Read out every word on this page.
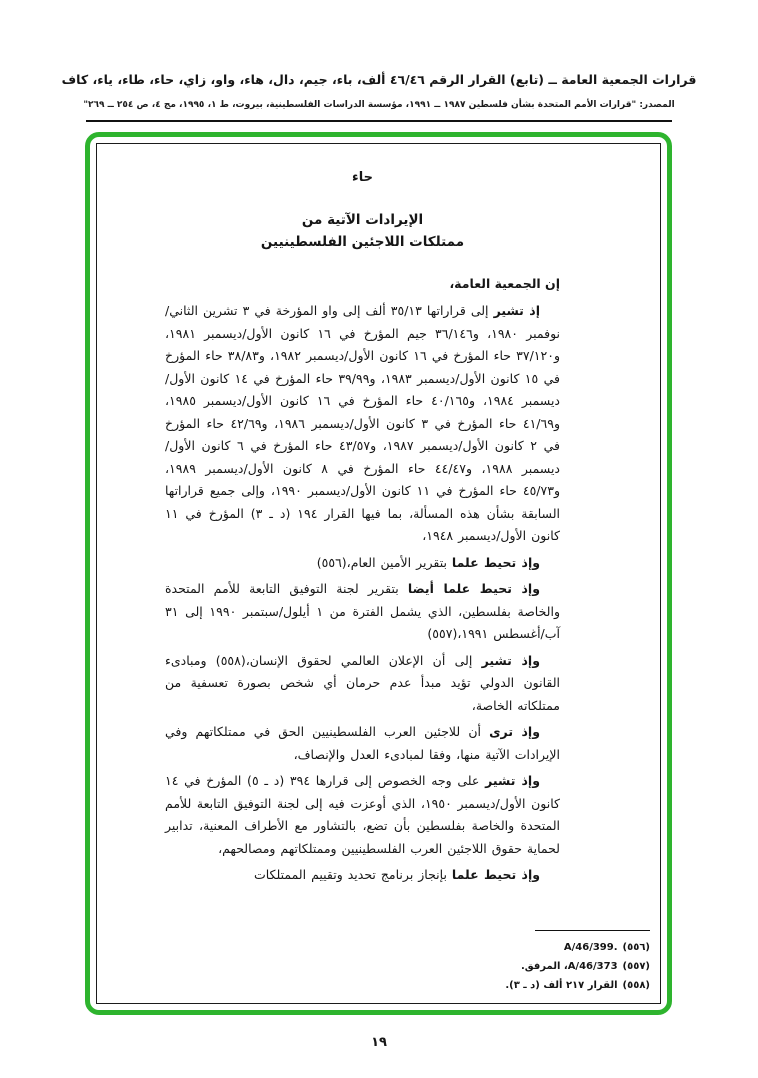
قرارات الجمعية العامة ــ (تابع) القرار الرقم ٤٦/٤٦ ألف، باء، جيم، دال، هاء، واو، زاي، حاء، طاء، ياء، كاف
المصدر: "قرارات الأمم المتحدة بشأن فلسطين ١٩٨٧ ــ ١٩٩١، مؤسسة الدراسات الفلسطينية، بيروت، ط ١، ١٩٩٥، مج ٤، ص ٢٥٤ ــ ٢٦٩"
حاء
الإيرادات الآتية من
ممتلكات اللاجئين الفلسطينيين
إن الجمعية العامة،

إذ تشير إلى قراراتها ٣٥/١٣ ألف إلى واو المؤرخة في ٣ تشرين الثاني/نوفمبر ١٩٨٠، و٣٦/١٤٦ جيم المؤرخ في ١٦ كانون الأول/ديسمبر ١٩٨١، و٣٧/١٢٠ حاء المؤرخ في ١٦ كانون الأول/ديسمبر ١٩٨٢، و٣٨/٨٣ حاء المؤرخ في ١٥ كانون الأول/ديسمبر ١٩٨٣، و٣٩/٩٩ حاء المؤرخ في ١٤ كانون الأول/ديسمبر ١٩٨٤، و٤٠/١٦٥ حاء المؤرخ في ١٦ كانون الأول/ديسمبر ١٩٨٥، و٤١/٦٩ حاء المؤرخ في ٣ كانون الأول/ديسمبر ١٩٨٦، و٤٢/٦٩ حاء المؤرخ في ٢ كانون الأول/ديسمبر ١٩٨٧، و٤٣/٥٧ حاء المؤرخ في ٦ كانون الأول/ديسمبر ١٩٨٨، و٤٤/٤٧ حاء المؤرخ في ٨ كانون الأول/ديسمبر ١٩٨٩، و٤٥/٧٣ حاء المؤرخ في ١١ كانون الأول/ديسمبر ١٩٩٠، وإلى جميع قراراتها السابقة بشأن هذه المسألة، بما فيها القرار ١٩٤ (د ـ ٣) المؤرخ في ١١ كانون الأول/ديسمبر ١٩٤٨،

وإذ تحيط علما بتقرير الأمين العام،(٥٥٦)

وإذ تحيط علما أيضا بتقرير لجنة التوفيق التابعة للأمم المتحدة والخاصة بفلسطين، الذي يشمل الفترة من ١ أيلول/سبتمبر ١٩٩٠ إلى ٣١ آب/أغسطس ١٩٩١،(٥٥٧)

وإذ تشير إلى أن الإعلان العالمي لحقوق الإنسان،(٥٥٨) ومبادىء القانون الدولي تؤيد مبدأ عدم حرمان أي شخص بصورة تعسفية من ممتلكاته الخاصة،

وإذ ترى أن للاجئين العرب الفلسطينيين الحق في ممتلكاتهم وفي الإيرادات الآتية منها، وفقا لمبادىء العدل والإنصاف،

وإذ تشير على وجه الخصوص إلى قرارها ٣٩٤ (د ـ ٥) المؤرخ في ١٤ كانون الأول/ديسمبر ١٩٥٠، الذي أوعزت فيه إلى لجنة التوفيق التابعة للأمم المتحدة والخاصة بفلسطين بأن تضع، بالتشاور مع الأطراف المعنية، تدابير لحماية حقوق اللاجئين العرب الفلسطينيين وممتلكاتهم ومصالحهم،

وإذ تحيط علما بإنجاز برنامج تحديد وتقييم الممتلكات

(٥٥٦)A/46/399.‎
(٥٥٧)A/46/373، المرفق.
(٥٥٨)القرار ٢١٧ ألف (د ـ ٣).
١٩
